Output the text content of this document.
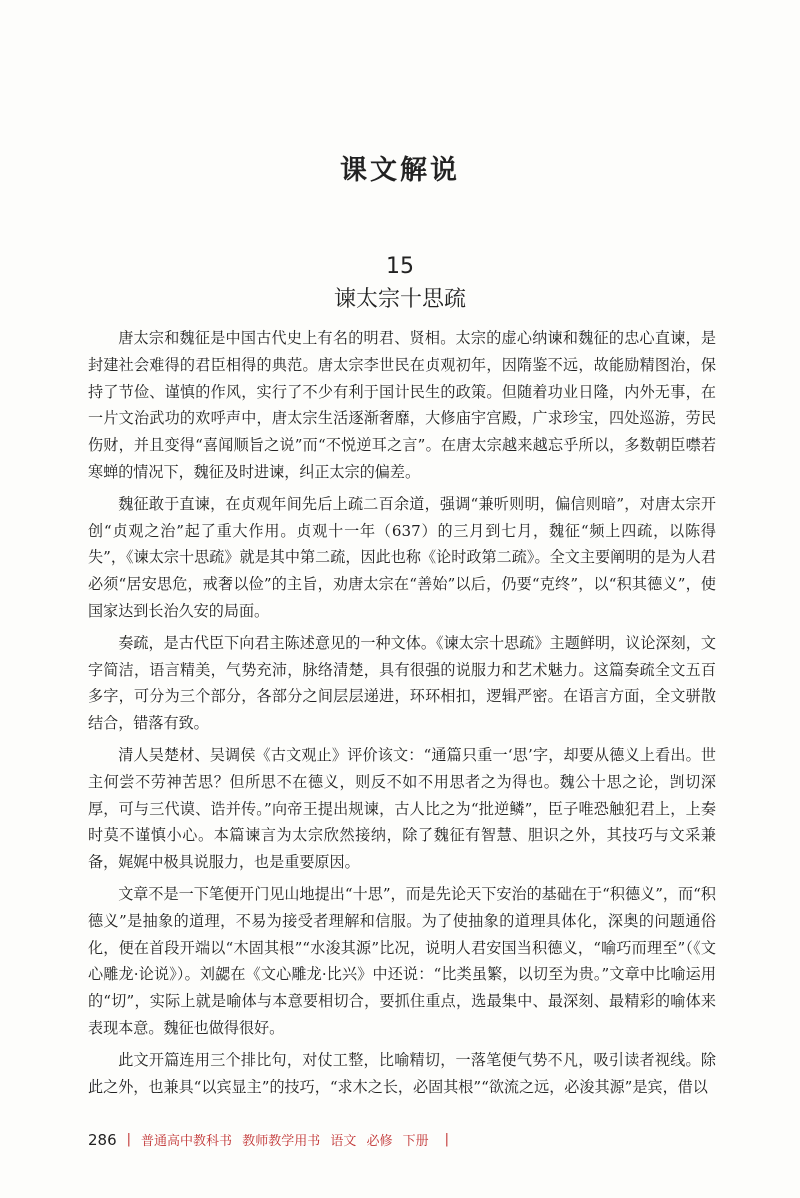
课文解说
15
谏太宗十思疏

唐太宗和魏征是中国古代史上有名的明君、贤相。太宗的虚心纳谏和魏征的忠心直谏，是封建社会难得的君臣相得的典范。唐太宗李世民在贞观初年，因隋鉴不远，故能励精图治，保持了节俭、谨慎的作风，实行了不少有利于国计民生的政策。但随着功业日隆，内外无事，在一片文治武功的欢呼声中，唐太宗生活逐渐奢靡，大修庙宇宫殿，广求珍宝，四处巡游，劳民伤财，并且变得“喜闻顺旨之说”而“不悦逆耳之言”。在唐太宗越来越忘乎所以，多数朝臣噤若寒蝉的情况下，魏征及时进谏，纠正太宗的偏差。

魏征敢于直谏，在贞观年间先后上疏二百余道，强调“兼听则明，偏信则暗”，对唐太宗开创“贞观之治”起了重大作用。贞观十一年（637）的三月到七月，魏征“频上四疏，以陈得失”，《谏太宗十思疏》就是其中第二疏，因此也称《论时政第二疏》。全文主要阐明的是为人君必须“居安思危，戒奢以俭”的主旨，劝唐太宗在“善始”以后，仍要“克终”，以“积其德义”，使国家达到长治久安的局面。

奏疏，是古代臣下向君主陈述意见的一种文体。《谏太宗十思疏》主题鲜明，议论深刻，文字简洁，语言精美，气势充沛，脉络清楚，具有很强的说服力和艺术魅力。这篇奏疏全文五百多字，可分为三个部分，各部分之间层层递进，环环相扣，逻辑严密。在语言方面，全文骈散结合，错落有致。

清人吴楚材、吴调侯《古文观止》评价该文：“通篇只重一‘思’字，却要从德义上看出。世主何尝不劳神苦思？但所思不在德义，则反不如不用思者之为得也。魏公十思之论，剀切深厚，可与三代谟、诰并传。”向帝王提出规谏，古人比之为“批逆鳞”，臣子唯恐触犯君上，上奏时莫不谨慎小心。本篇谏言为太宗欣然接纳，除了魏征有智慧、胆识之外，其技巧与文采兼备，娓娓中极具说服力，也是重要原因。

文章不是一下笔便开门见山地提出“十思”，而是先论天下安治的基础在于“积德义”，而“积德义”是抽象的道理，不易为接受者理解和信服。为了使抽象的道理具体化，深奥的问题通俗化，便在首段开端以“木固其根”“水浚其源”比况，说明人君安国当积德义，“喻巧而理至”（《文心雕龙·论说》）。刘勰在《文心雕龙·比兴》中还说：“比类虽繁，以切至为贵。”文章中比喻运用的“切”，实际上就是喻体与本意要相切合，要抓住重点，选最集中、最深刻、最精彩的喻体来表现本意。魏征也做得很好。

此文开篇连用三个排比句，对仗工整，比喻精切，一落笔便气势不凡，吸引读者视线。除此之外，也兼具“以宾显主”的技巧，“求木之长，必固其根”“欲流之远，必浚其源”是宾，借以

286 | 普通高中教科书 教师教学用书 语文 必修 下册	|
